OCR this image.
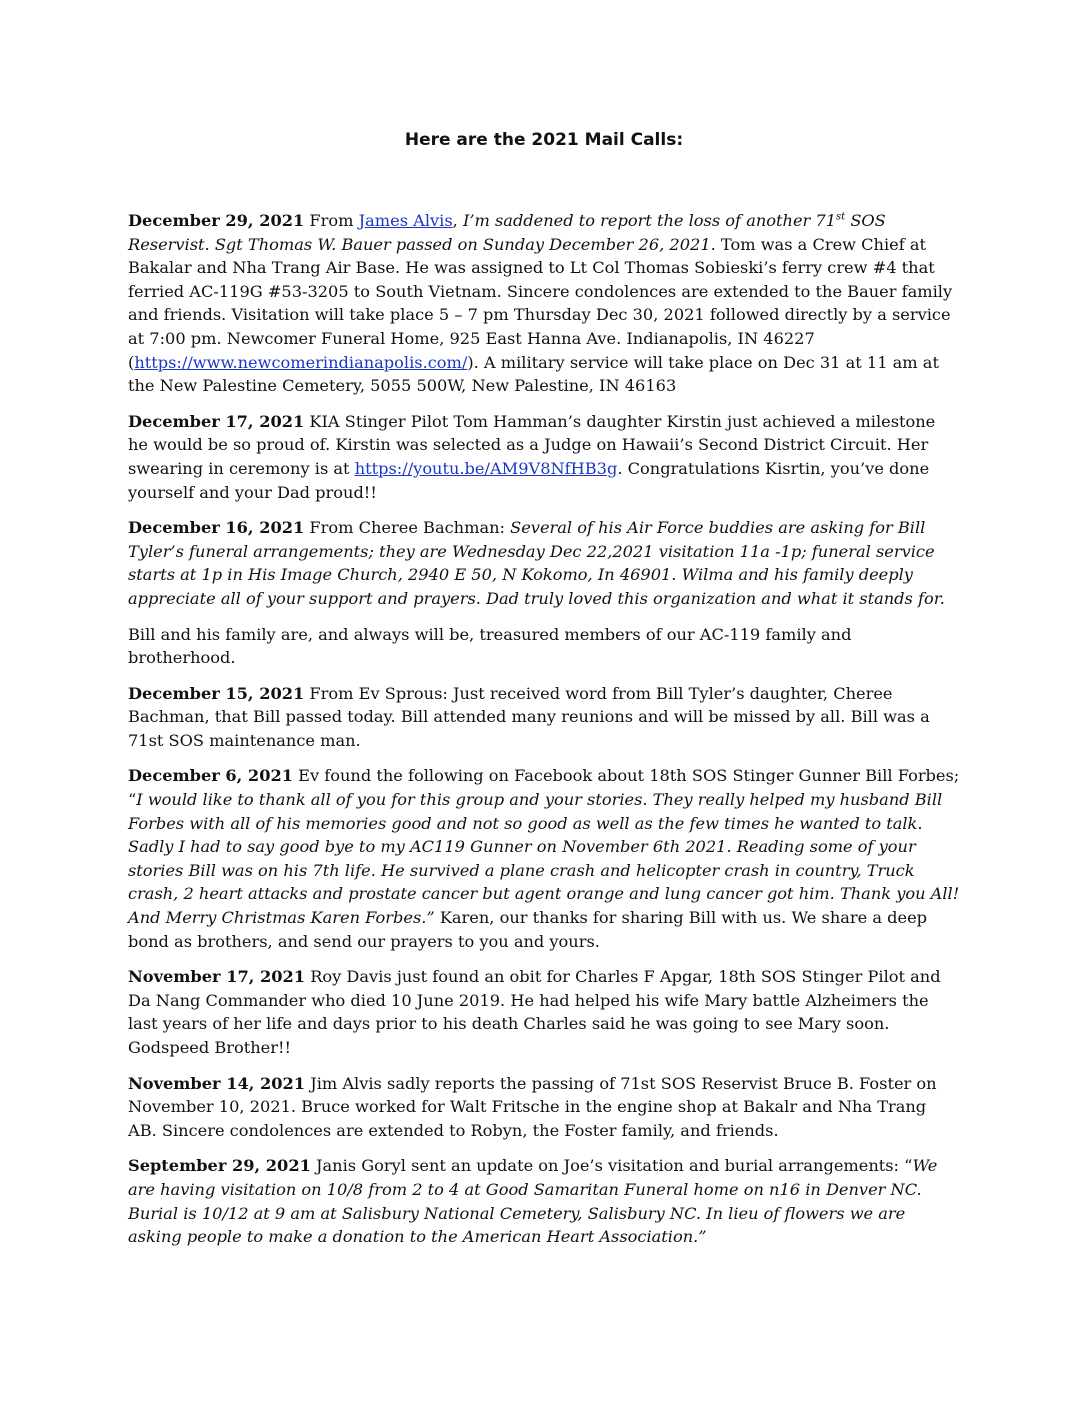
Here are the 2021 Mail Calls:

December 29, 2021 From James Alvis, I’m saddened to report the loss of another 71st SOS Reservist. Sgt Thomas W. Bauer passed on Sunday December 26, 2021. Tom was a Crew Chief at Bakalar and Nha Trang Air Base. He was assigned to Lt Col Thomas Sobieski’s ferry crew #4 that ferried AC-119G #53-3205 to South Vietnam. Sincere condolences are extended to the Bauer family and friends. Visitation will take place 5 – 7 pm Thursday Dec 30, 2021 followed directly by a service at 7:00 pm. Newcomer Funeral Home, 925 East Hanna Ave. Indianapolis, IN 46227 (https://www.newcomerindianapolis.com/). A military service will take place on Dec 31 at 11 am at the New Palestine Cemetery, 5055 500W, New Palestine, IN 46163

December 17, 2021 KIA Stinger Pilot Tom Hamman’s daughter Kirstin just achieved a milestone he would be so proud of. Kirstin was selected as a Judge on Hawaii’s Second District Circuit. Her swearing in ceremony is at https://youtu.be/AM9V8NfHB3g. Congratulations Kisrtin, you’ve done yourself and your Dad proud!!

December 16, 2021 From Cheree Bachman: Several of his Air Force buddies are asking for Bill Tyler’s funeral arrangements; they are Wednesday Dec 22,2021 visitation 11a -1p; funeral service starts at 1p in His Image Church, 2940 E 50, N Kokomo, In 46901. Wilma and his family deeply appreciate all of your support and prayers. Dad truly loved this organization and what it stands for.

Bill and his family are, and always will be, treasured members of our AC-119 family and brotherhood.

December 15, 2021 From Ev Sprous: Just received word from Bill Tyler’s daughter, Cheree Bachman, that Bill passed today. Bill attended many reunions and will be missed by all. Bill was a 71st SOS maintenance man.

December 6, 2021 Ev found the following on Facebook about 18th SOS Stinger Gunner Bill Forbes; “I would like to thank all of you for this group and your stories. They really helped my husband Bill Forbes with all of his memories good and not so good as well as the few times he wanted to talk. Sadly I had to say good bye to my AC119 Gunner on November 6th 2021. Reading some of your stories Bill was on his 7th life. He survived a plane crash and helicopter crash in country, Truck crash, 2 heart attacks and prostate cancer but agent orange and lung cancer got him. Thank you All! And Merry Christmas Karen Forbes.” Karen, our thanks for sharing Bill with us. We share a deep bond as brothers, and send our prayers to you and yours.

November 17, 2021 Roy Davis just found an obit for Charles F Apgar, 18th SOS Stinger Pilot and Da Nang Commander who died 10 June 2019. He had helped his wife Mary battle Alzheimers the last years of her life and days prior to his death Charles said he was going to see Mary soon. Godspeed Brother!!

November 14, 2021 Jim Alvis sadly reports the passing of 71st SOS Reservist Bruce B. Foster on November 10, 2021. Bruce worked for Walt Fritsche in the engine shop at Bakalr and Nha Trang AB. Sincere condolences are extended to Robyn, the Foster family, and friends.

September 29, 2021 Janis Goryl sent an update on Joe’s visitation and burial arrangements: “We are having visitation on 10/8 from 2 to 4 at Good Samaritan Funeral home on n16 in Denver NC. Burial is 10/12 at 9 am at Salisbury National Cemetery, Salisbury NC. In lieu of flowers we are asking people to make a donation to the American Heart Association.”
